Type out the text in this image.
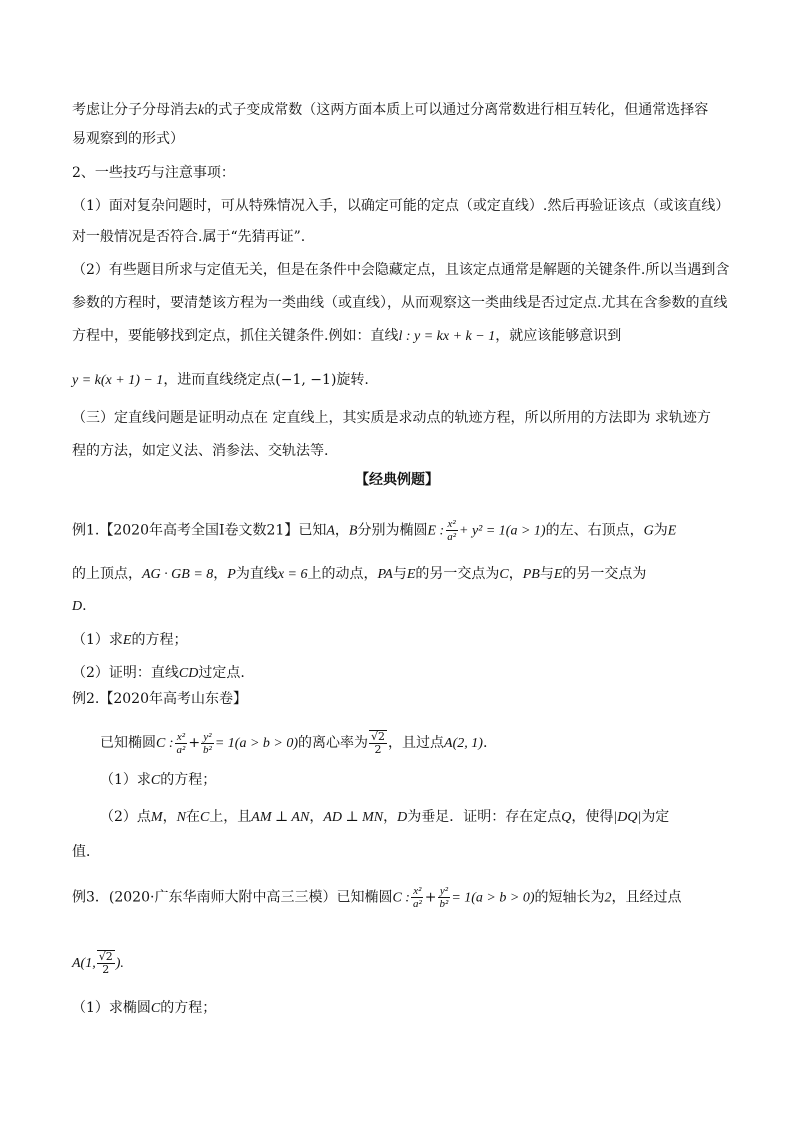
考虑让分子分母消去k的式子变成常数（这两方面本质上可以通过分离常数进行相互转化，但通常选择容
易观察到的形式）
2、一些技巧与注意事项：
（1）面对复杂问题时，可从特殊情况入手，以确定可能的定点（或定直线）.然后再验证该点（或该直线）
对一般情况是否符合.属于“先猜再证”.
（2）有些题目所求与定值无关，但是在条件中会隐藏定点，且该定点通常是解题的关键条件.所以当遇到含
参数的方程时，要清楚该方程为一类曲线（或直线），从而观察这一类曲线是否过定点.尤其在含参数的直线
方程中，要能够找到定点，抓住关键条件.例如：直线l : y = kx + k − 1，就应该能够意识到
y = k(x + 1) − 1，进而直线绕定点(−1, −1)旋转.
（三）定直线问题是证明动点在 定直线上，其实质是求动点的轨迹方程，所以所用的方法即为 求轨迹方
程的方法，如定义法、消参法、交轨法等.
【经典例题】
例1.【2020年高考全国Ⅰ卷文数21】已知A，B分别为椭圆E : $\frac{\text{x²}}{\text{a²}} + y^2 = 1(a > 1)$的左、右顶点，G为E
的上顶点，AG · GB = 8，P为直线x = 6上的动点，PA与E的另一交点为C，PB与E的另一交点为
D.
（1）求E的方程；
（2）证明：直线CD过定点.
例2.【2020年高考山东卷】
已知椭圆C : $\frac{\text{x²}}{\text{a²}} + \frac{\text{y²}}{\text{b²}} = 1(a > b > 0)$的离心率为 $\frac{√2}{2}$ ，且过点A(2, 1).
（1）求C的方程；
（2）点M，N在C上，且AM ⊥ AN，AD ⊥ MN，D为垂足．证明：存在定点Q，使得|DQ|为定
值．
例3．(2020·广东华南师大附中高三三模）已知椭圆C : $\frac{\text{x²}}{\text{a²}} + \frac{\text{y²}}{\text{b²}} = 1(a > b > 0)$的短轴长为2，且经过点
A(1, $\frac{√2}{2}$ ).
（1）求椭圆C的方程；
